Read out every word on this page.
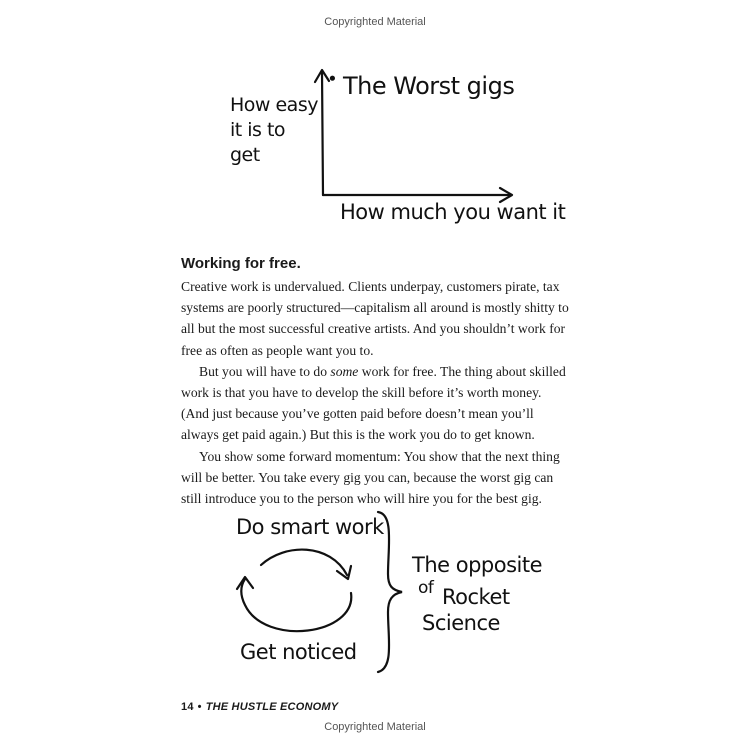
Copyrighted Material
How easy it is to get
The Worst gigs
How much you want it
Working for free.

Creative work is undervalued. Clients underpay, customers pirate, tax systems are poorly structured—capitalism all around is mostly shitty to all but the most successful creative artists. And you shouldn’t work for free as often as people want you to.

But you will have to do some work for free. The thing about skilled work is that you have to develop the skill before it’s worth money. (And just because you’ve gotten paid before doesn’t mean you’ll always get paid again.) But this is the work you do to get known.

You show some forward momentum: You show that the next thing will be better. You take every gig you can, because the worst gig can still introduce you to the person who will hire you for the best gig.

Do smart work
Get noticed
The opposite
of Rocket
Science
14 • THE HUSTLE ECONOMY
Copyrighted Material
